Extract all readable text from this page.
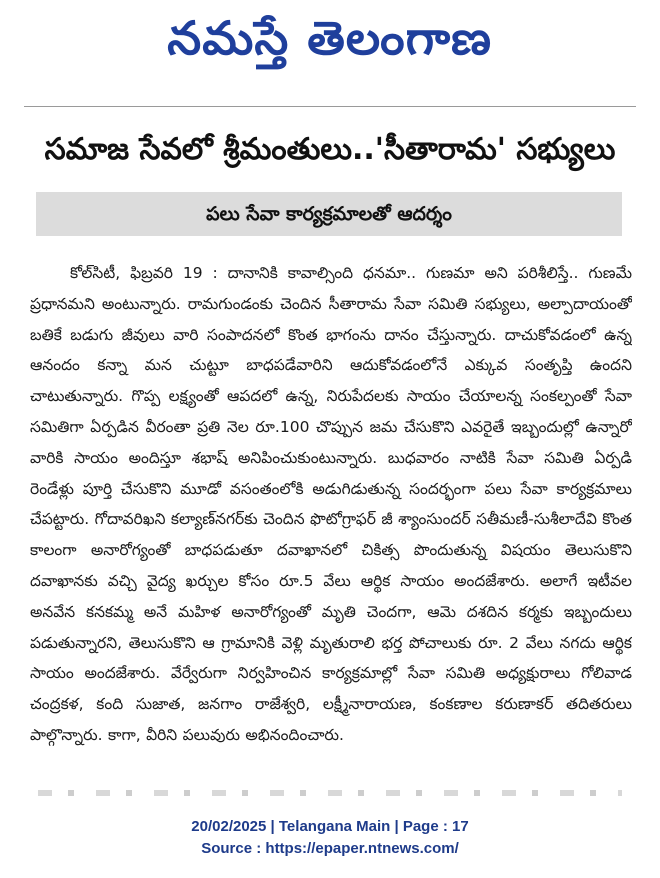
నమస్తే తెలంగాణ
సమాజ సేవలో శ్రీమంతులు..'సీతారామ' సభ్యులు
పలు సేవా కార్యక్రమాలతో ఆదర్శం

కోల్‌సిటీ, ఫిబ్రవరి 19 : దానానికి కావాల్సింది ధనమా.. గుణమా అని పరిశీలిస్తే.. గుణమే ప్రధానమని అంటున్నారు. రామగుండంకు చెందిన సీతారామ సేవా సమితి సభ్యులు, అల్పాదాయంతో బతికే బడుగు జీవులు వారి సంపాదనలో కొంత భాగంను దానం చేస్తున్నారు. దాచుకోవడంలో ఉన్న ఆనందం కన్నా మన చుట్టూ బాధపడేవారిని ఆదుకోవడంలోనే ఎక్కువ సంతృప్తి ఉందని చాటుతున్నారు. గొప్ప లక్ష్యంతో ఆపదలో ఉన్న, నిరుపేదలకు సాయం చేయాలన్న సంకల్పంతో సేవా సమితిగా ఏర్పడిన వీరంతా ప్రతి నెల రూ.100 చొప్పున జమ చేసుకొని ఎవరైతే ఇబ్బందుల్లో ఉన్నారో వారికి సాయం అందిస్తూ శభాష్ అనిపించుకుంటున్నారు. బుధవారం నాటికి సేవా సమితి ఏర్పడి రెండేళ్లు పూర్తి చేసుకొని మూడో వసంతంలోకి అడుగిడుతున్న సందర్భంగా పలు సేవా కార్యక్రమాలు చేపట్టారు. గోదావరిఖని కల్యాణ్‌నగర్‌కు చెందిన ఫొటోగ్రాఫర్ జీ శ్యాంసుందర్ సతీమణీ-సుశీలాదేవి కొంత కాలంగా అనారోగ్యంతో బాధపడుతూ దవాఖానలో చికిత్స పొందుతున్న విషయం తెలుసుకొని దవాఖానకు వచ్చి వైద్య ఖర్చుల కోసం రూ.5 వేలు ఆర్థిక సాయం అందజేశారు. అలాగే ఇటీవల అనవేన కనకమ్మ అనే మహిళ అనారోగ్యంతో మృతి చెందగా, ఆమె దశదిన కర్మకు ఇబ్బందులు పడుతున్నారని, తెలుసుకొని ఆ గ్రామానికి వెళ్లి మృతురాలి భర్త పోచాలుకు రూ. 2 వేలు నగదు ఆర్థిక సాయం అందజేశారు. వేర్వేరుగా నిర్వహించిన కార్యక్రమాల్లో సేవా సమితి అధ్యక్షురాలు గోలివాడ చంద్రకళ, కంది సుజాత, జనగాం రాజేశ్వరి, లక్ష్మీనారాయణ, కంకణాల కరుణాకర్ తదితరులు పాల్గొన్నారు. కాగా, వీరిని పలువురు అభినందించారు.

20/02/2025 | Telangana Main | Page : 17
Source : https://epaper.ntnews.com/
